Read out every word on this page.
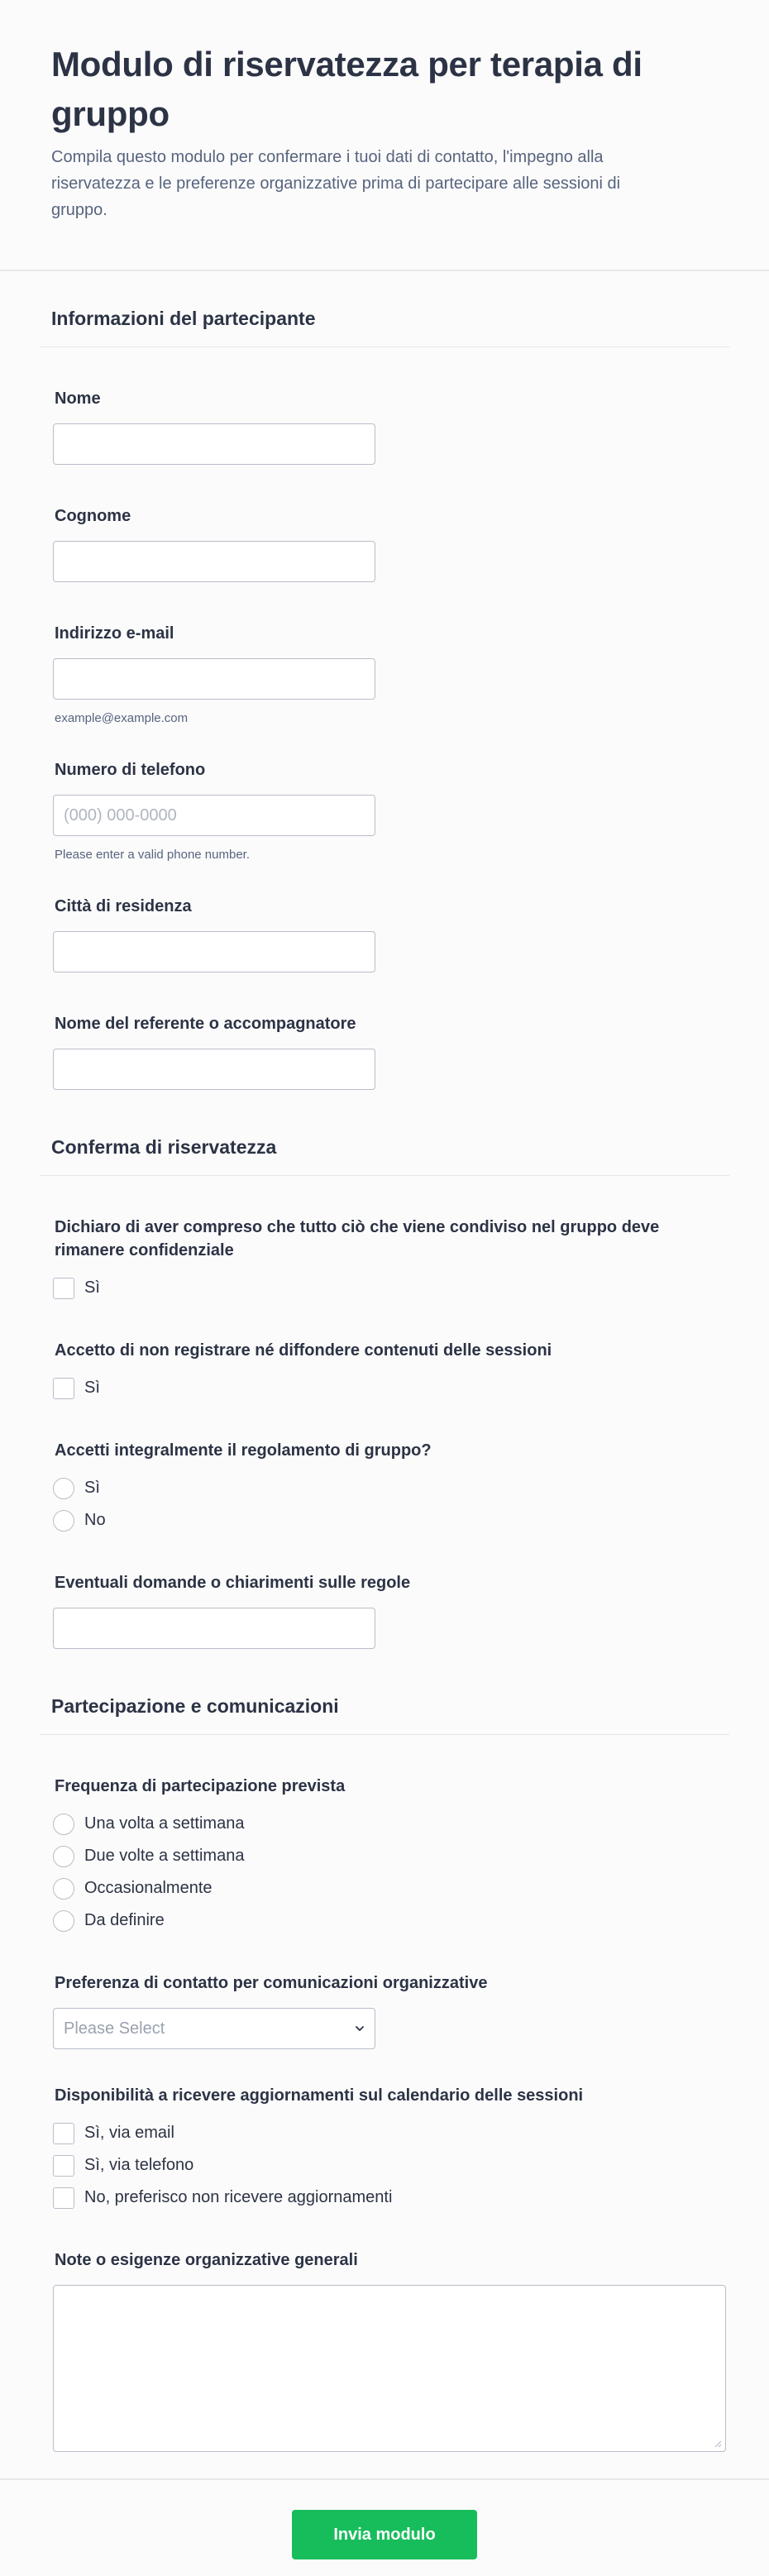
Modulo di riservatezza per terapia di gruppo

Compila questo modulo per confermare i tuoi dati di contatto, l'impegno alla riservatezza e le preferenze organizzative prima di partecipare alle sessioni di gruppo.

Informazioni del partecipante
Nome
Cognome
Indirizzo e-mail
example@example.com
Numero di telefono
(000) 000-0000
Please enter a valid phone number.
Città di residenza
Nome del referente o accompagnatore
Conferma di riservatezza
Dichiaro di aver compreso che tutto ciò che viene condiviso nel gruppo deve rimanere confidenziale
Sì
Accetto di non registrare né diffondere contenuti delle sessioni
Sì
Accetti integralmente il regolamento di gruppo?
Sì
No
Eventuali domande o chiarimenti sulle regole
Partecipazione e comunicazioni
Frequenza di partecipazione prevista
Una volta a settimana
Due volte a settimana
Occasionalmente
Da definire
Preferenza di contatto per comunicazioni organizzative
Please Select
Disponibilità a ricevere aggiornamenti sul calendario delle sessioni
Sì, via email
Sì, via telefono
No, preferisco non ricevere aggiornamenti
Note o esigenze organizzative generali
Invia modulo
